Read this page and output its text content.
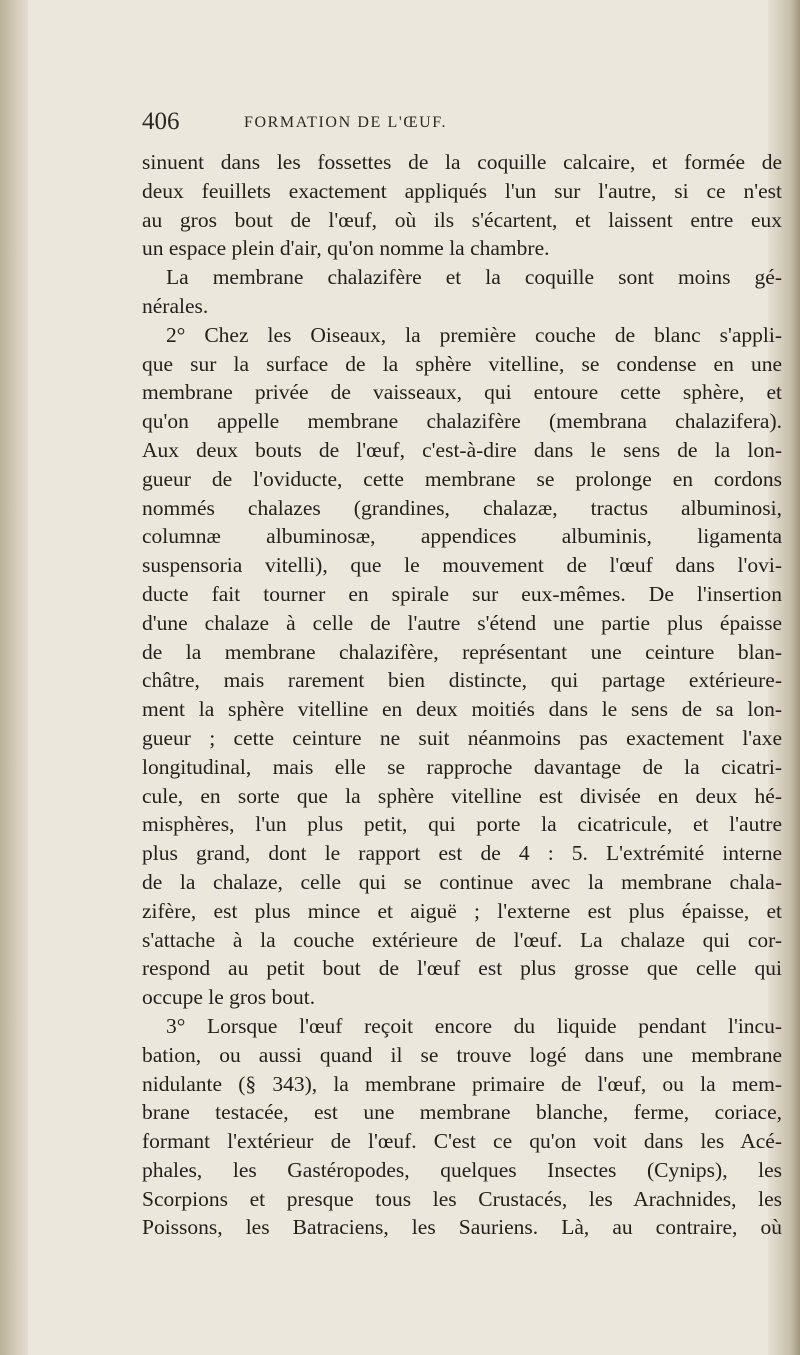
406	FORMATION DE L'ŒUF.
sinuent dans les fossettes de la coquille calcaire, et formée de
deux feuillets exactement appliqués l'un sur l'autre, si ce n'est
au gros bout de l'œuf, où ils s'écartent, et laissent entre eux
un espace plein d'air, qu'on nomme la chambre.
La membrane chalazifère et la coquille sont moins gé-
nérales.
2° Chez les Oiseaux, la première couche de blanc s'appli-
que sur la surface de la sphère vitelline, se condense en une
membrane privée de vaisseaux, qui entoure cette sphère, et
qu'on appelle membrane chalazifère (membrana chalazifera).
Aux deux bouts de l'œuf, c'est-à-dire dans le sens de la lon-
gueur de l'oviducte, cette membrane se prolonge en cordons
nommés chalazes (grandines, chalazæ, tractus albuminosi,
columnæ albuminosæ, appendices albuminis, ligamenta
suspensoria vitelli), que le mouvement de l'œuf dans l'ovi-
ducte fait tourner en spirale sur eux-mêmes. De l'insertion
d'une chalaze à celle de l'autre s'étend une partie plus épaisse
de la membrane chalazifère, représentant une ceinture blan-
châtre, mais rarement bien distincte, qui partage extérieure-
ment la sphère vitelline en deux moitiés dans le sens de sa lon-
gueur ; cette ceinture ne suit néanmoins pas exactement l'axe
longitudinal, mais elle se rapproche davantage de la cicatri-
cule, en sorte que la sphère vitelline est divisée en deux hé-
misphères, l'un plus petit, qui porte la cicatricule, et l'autre
plus grand, dont le rapport est de 4 : 5. L'extrémité interne
de la chalaze, celle qui se continue avec la membrane chala-
zifère, est plus mince et aiguë ; l'externe est plus épaisse, et
s'attache à la couche extérieure de l'œuf. La chalaze qui cor-
respond au petit bout de l'œuf est plus grosse que celle qui
occupe le gros bout.
3° Lorsque l'œuf reçoit encore du liquide pendant l'incu-
bation, ou aussi quand il se trouve logé dans une membrane
nidulante (§ 343), la membrane primaire de l'œuf, ou la mem-
brane testacée, est une membrane blanche, ferme, coriace,
formant l'extérieur de l'œuf. C'est ce qu'on voit dans les Acé-
phales, les Gastéropodes, quelques Insectes (Cynips), les
Scorpions et presque tous les Crustacés, les Arachnides, les
Poissons, les Batraciens, les Sauriens. Là, au contraire, où
